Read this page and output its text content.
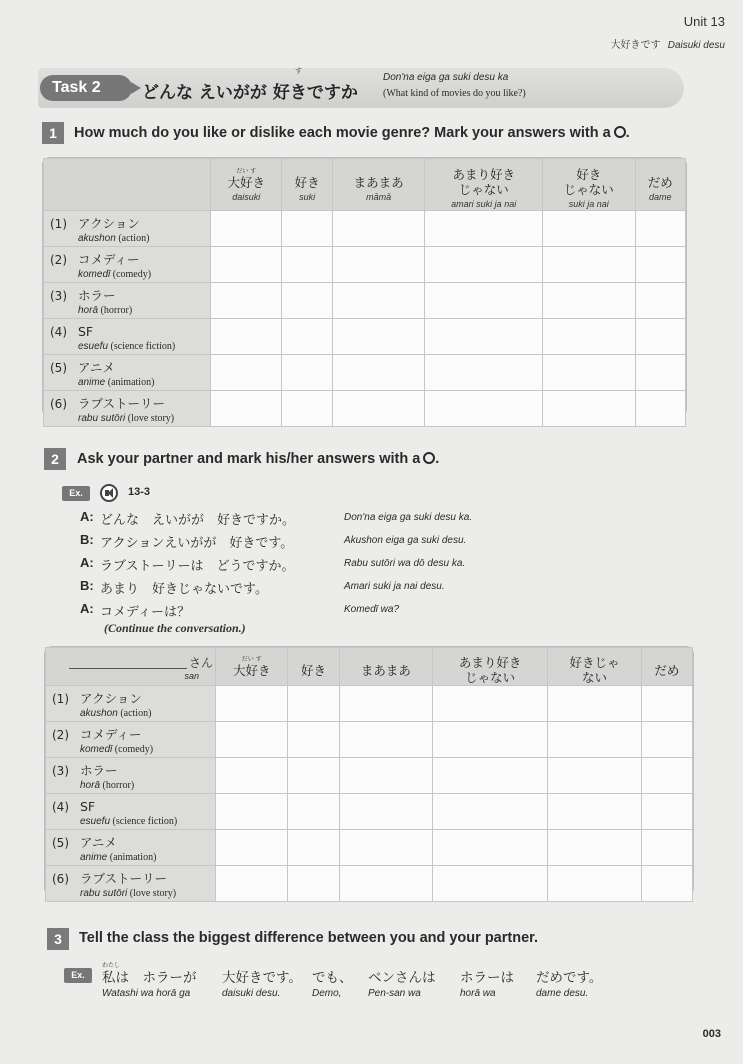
Unit 13
大好きです Daisuki desu
Task 2
す
どんな えいがが 好きですか
Don'na eiga ga suki desu ka
(What kind of movies do you like?)
1	How much do you like or dislike each movie genre? Mark your answers with a ○.

	だい す
大好き
daisuki	好き
suki	まあまあ
māmā	あまり好き
じゃない
amari suki ja nai	好き
じゃない
suki ja nai	だめ
dame

(1) アクション
akushon (action)						

(2) コメディー
komedī (comedy)						

(3) ホラー
horā (horror)						

(4) SF
esuefu (science fiction)						

(5) アニメ
anime (animation)						

(6) ラブストーリー
rabu sutōri (love story)						

2	Ask your partner and mark his/her answers with a ○.
Ex.	13-3
A: どんな　えいがが　好きですか。	Don'na eiga ga suki desu ka.
B: アクションえいがが　好きです。	Akushon eiga ga suki desu.
A: ラブストーリーは　どうですか。	Rabu sutōri wa dō desu ka.
B: あまり　好きじゃないです。	Amari suki ja nai desu.
A: コメディーは？	Komedī wa?
(Continue the conversation.)
さん
san	だい す
大好き	好き	まあまあ	あまり好き
じゃない	好きじゃ
ない	だめ

(1) アクション
akushon (action)						

(2) コメディー
komedī (comedy)						

(3) ホラー
horā (horror)						

(4) SF
esuefu (science fiction)						

(5) アニメ
anime (animation)						

(6) ラブストーリー
rabu sutōri (love story)						

3	Tell the class the biggest difference between you and your partner.
Ex.
わたし
私は　ホラーが
Watashi wa horā ga
大好きです。
daisuki desu.
でも、
Demo,
ベンさんは
Pen-san wa
ホラーは
horā wa
だめです。
dame desu.
003
